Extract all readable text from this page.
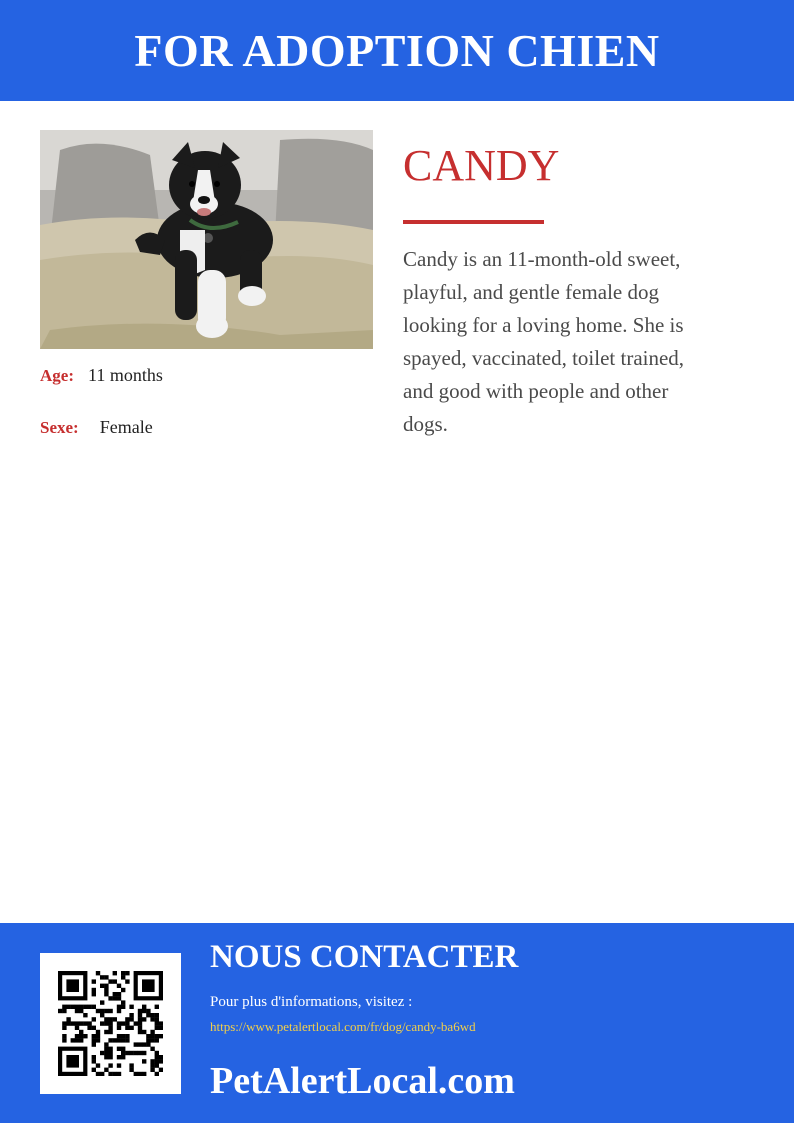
FOR ADOPTION CHIEN
Age: 11 months
Sexe: Female
CANDY

Candy is an 11-month-old sweet, playful, and gentle female dog looking for a loving home. She is spayed, vaccinated, toilet trained, and good with people and other dogs.

NOUS CONTACTER
Pour plus d'informations, visitez :
https://www.petalertlocal.com/fr/dog/candy-ba6wd
PetAlertLocal.com
